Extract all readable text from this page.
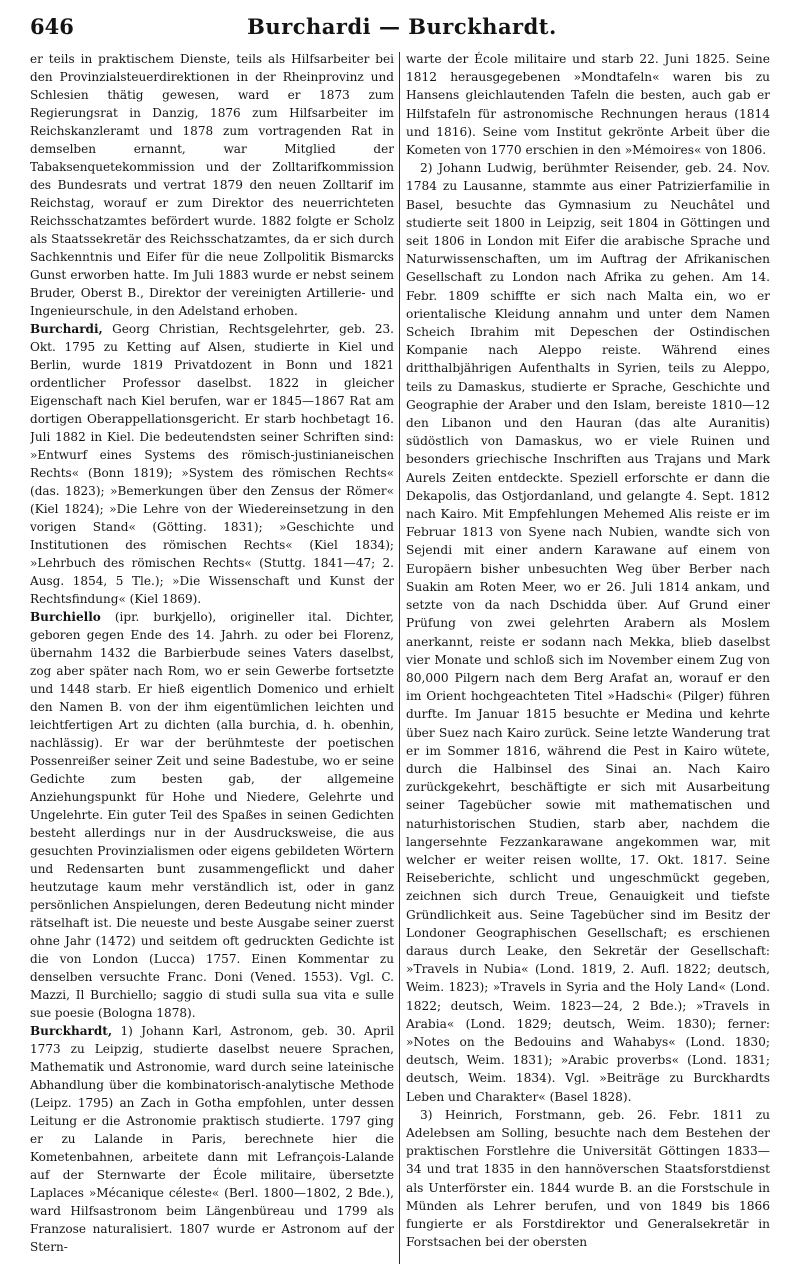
646	Burchardi — Burckhardt.

er teils in praktischem Dienste, teils als Hilfsarbeiter bei den Provinzialsteuerdirektionen in der Rheinprovinz und Schlesien thätig gewesen, ward er 1873 zum Regierungsrat in Danzig, 1876 zum Hilfsarbeiter im Reichskanzleramt und 1878 zum vortragenden Rat in demselben ernannt, war Mitglied der Tabaksenquetekommission und der Zolltarifkommission des Bundesrats und vertrat 1879 den neuen Zolltarif im Reichstag, worauf er zum Direktor des neuerrichteten Reichsschatzamtes befördert wurde. 1882 folgte er Scholz als Staatssekretär des Reichsschatzamtes, da er sich durch Sachkenntnis und Eifer für die neue Zollpolitik Bismarcks Gunst erworben hatte. Im Juli 1883 wurde er nebst seinem Bruder, Oberst B., Direktor der vereinigten Artillerie- und Ingenieurschule, in den Adelstand erhoben.

Burchardi, Georg Christian, Rechtsgelehrter, geb. 23. Okt. 1795 zu Ketting auf Alsen, studierte in Kiel und Berlin, wurde 1819 Privatdozent in Bonn und 1821 ordentlicher Professor daselbst. 1822 in gleicher Eigenschaft nach Kiel berufen, war er 1845—1867 Rat am dortigen Oberappellationsgericht. Er starb hochbetagt 16. Juli 1882 in Kiel. Die bedeutendsten seiner Schriften sind: »Entwurf eines Systems des römisch-justinianeischen Rechts« (Bonn 1819); »System des römischen Rechts« (das. 1823); »Bemerkungen über den Zensus der Römer« (Kiel 1824); »Die Lehre von der Wiedereinsetzung in den vorigen Stand« (Götting. 1831); »Geschichte und Institutionen des römischen Rechts« (Kiel 1834); »Lehrbuch des römischen Rechts« (Stuttg. 1841—47; 2. Ausg. 1854, 5 Tle.); »Die Wissenschaft und Kunst der Rechtsfindung« (Kiel 1869).

Burchiello (ipr. burkjello), origineller ital. Dichter, geboren gegen Ende des 14. Jahrh. zu oder bei Florenz, übernahm 1432 die Barbierbude seines Vaters daselbst, zog aber später nach Rom, wo er sein Gewerbe fortsetzte und 1448 starb. Er hieß eigentlich Domenico und erhielt den Namen B. von der ihm eigentümlichen leichten und leichtfertigen Art zu dichten (alla burchia, d. h. obenhin, nachlässig). Er war der berühmteste der poetischen Possenreißer seiner Zeit und seine Badestube, wo er seine Gedichte zum besten gab, der allgemeine Anziehungspunkt für Hohe und Niedere, Gelehrte und Ungelehrte. Ein guter Teil des Spaßes in seinen Gedichten besteht allerdings nur in der Ausdrucksweise, die aus gesuchten Provinzialismen oder eigens gebildeten Wörtern und Redensarten bunt zusammengeflickt und daher heutzutage kaum mehr verständlich ist, oder in ganz persönlichen Anspielungen, deren Bedeutung nicht minder rätselhaft ist. Die neueste und beste Ausgabe seiner zuerst ohne Jahr (1472) und seitdem oft gedruckten Gedichte ist die von London (Lucca) 1757. Einen Kommentar zu denselben versuchte Franc. Doni (Vened. 1553). Vgl. C. Mazzi, Il Burchiello; saggio di studi sulla sua vita e sulle sue poesie (Bologna 1878).

Burckhardt, 1) Johann Karl, Astronom, geb. 30. April 1773 zu Leipzig, studierte daselbst neuere Sprachen, Mathematik und Astronomie, ward durch seine lateinische Abhandlung über die kombinatorisch-analytische Methode (Leipz. 1795) an Zach in Gotha empfohlen, unter dessen Leitung er die Astronomie praktisch studierte. 1797 ging er zu Lalande in Paris, berechnete hier die Kometenbahnen, arbeitete dann mit Lefrançois-Lalande auf der Sternwarte der École militaire, übersetzte Laplaces »Mécanique céleste« (Berl. 1800—1802, 2 Bde.), ward Hilfsastronom beim Längenbüreau und 1799 als Franzose naturalisiert. 1807 wurde er Astronom auf der Stern-

warte der École militaire und starb 22. Juni 1825. Seine 1812 herausgegebenen »Mondtafeln« waren bis zu Hansens gleichlautenden Tafeln die besten, auch gab er Hilfstafeln für astronomische Rechnungen heraus (1814 und 1816). Seine vom Institut gekrönte Arbeit über die Kometen von 1770 erschien in den »Mémoires« von 1806.

2) Johann Ludwig, berühmter Reisender, geb. 24. Nov. 1784 zu Lausanne, stammte aus einer Patrizierfamilie in Basel, besuchte das Gymnasium zu Neuchâtel und studierte seit 1800 in Leipzig, seit 1804 in Göttingen und seit 1806 in London mit Eifer die arabische Sprache und Naturwissenschaften, um im Auftrag der Afrikanischen Gesellschaft zu London nach Afrika zu gehen. Am 14. Febr. 1809 schiffte er sich nach Malta ein, wo er orientalische Kleidung annahm und unter dem Namen Scheich Ibrahim mit Depeschen der Ostindischen Kompanie nach Aleppo reiste. Während eines dritthalbjährigen Aufenthalts in Syrien, teils zu Aleppo, teils zu Damaskus, studierte er Sprache, Geschichte und Geographie der Araber und den Islam, bereiste 1810—12 den Libanon und den Hauran (das alte Auranitis) südöstlich von Damaskus, wo er viele Ruinen und besonders griechische Inschriften aus Trajans und Mark Aurels Zeiten entdeckte. Speziell erforschte er dann die Dekapolis, das Ostjordanland, und gelangte 4. Sept. 1812 nach Kairo. Mit Empfehlungen Mehemed Alis reiste er im Februar 1813 von Syene nach Nubien, wandte sich von Sejendi mit einer andern Karawane auf einem von Europäern bisher unbesuchten Weg über Berber nach Suakin am Roten Meer, wo er 26. Juli 1814 ankam, und setzte von da nach Dschidda über. Auf Grund einer Prüfung von zwei gelehrten Arabern als Moslem anerkannt, reiste er sodann nach Mekka, blieb daselbst vier Monate und schloß sich im November einem Zug von 80,000 Pilgern nach dem Berg Arafat an, worauf er den im Orient hochgeachteten Titel »Hadschi« (Pilger) führen durfte. Im Januar 1815 besuchte er Medina und kehrte über Suez nach Kairo zurück. Seine letzte Wanderung trat er im Sommer 1816, während die Pest in Kairo wütete, durch die Halbinsel des Sinai an. Nach Kairo zurückgekehrt, beschäftigte er sich mit Ausarbeitung seiner Tagebücher sowie mit mathematischen und naturhistorischen Studien, starb aber, nachdem die langersehnte Fezzankarawane angekommen war, mit welcher er weiter reisen wollte, 17. Okt. 1817. Seine Reiseberichte, schlicht und ungeschmückt gegeben, zeichnen sich durch Treue, Genauigkeit und tiefste Gründlichkeit aus. Seine Tagebücher sind im Besitz der Londoner Geographischen Gesellschaft; es erschienen daraus durch Leake, den Sekretär der Gesellschaft: »Travels in Nubia« (Lond. 1819, 2. Aufl. 1822; deutsch, Weim. 1823); »Travels in Syria and the Holy Land« (Lond. 1822; deutsch, Weim. 1823—24, 2 Bde.); »Travels in Arabia« (Lond. 1829; deutsch, Weim. 1830); ferner: »Notes on the Bedouins and Wahabys« (Lond. 1830; deutsch, Weim. 1831); »Arabic proverbs« (Lond. 1831; deutsch, Weim. 1834). Vgl. »Beiträge zu Burckhardts Leben und Charakter« (Basel 1828).

3) Heinrich, Forstmann, geb. 26. Febr. 1811 zu Adelebsen am Solling, besuchte nach dem Bestehen der praktischen Forstlehre die Universität Göttingen 1833—34 und trat 1835 in den hannöverschen Staatsforstdienst als Unterförster ein. 1844 wurde B. an die Forstschule in Münden als Lehrer berufen, und von 1849 bis 1866 fungierte er als Forstdirektor und Generalsekretär in Forstsachen bei der obersten
